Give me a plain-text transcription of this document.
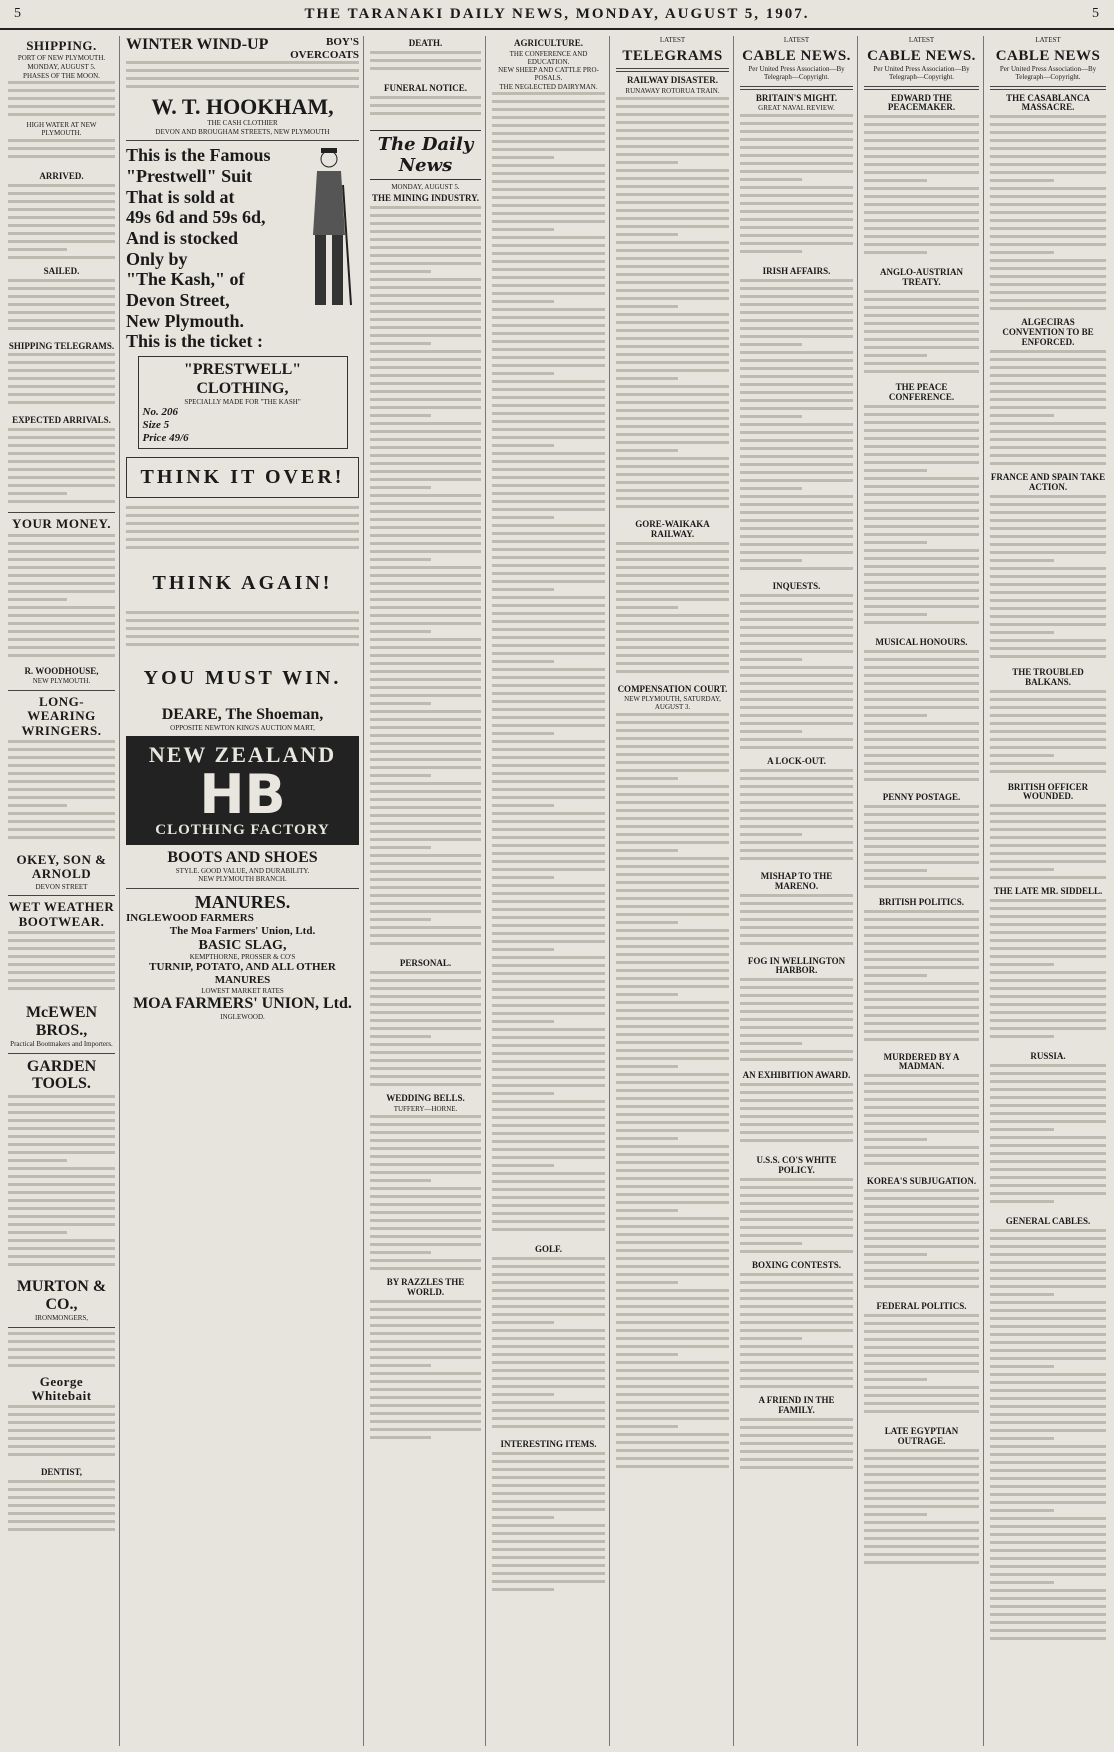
5	THE TARANAKI DAILY NEWS, MONDAY, AUGUST 5, 1907.	5
SHIPPING.
PORT OF NEW PLYMOUTH.
MONDAY, AUGUST 5.
PHASES OF THE MOON.
HIGH WATER AT NEW PLYMOUTH.
ARRIVED.
SAILED.
SHIPPING TELEGRAMS.
EXPECTED ARRIVALS.
YOUR MONEY.
R. WOODHOUSE,
NEW PLYMOUTH.
LONG-WEARING WRINGERS.
OKEY, SON & ARNOLD
DEVON STREET
WET WEATHER BOOTWEAR.
McEWEN BROS.,
Practical Bootmakers and Importers.
GARDEN TOOLS.
MURTON & CO.,
IRONMONGERS,
George Whitebait
DENTIST,
WINTER WIND-UP	BOY'S OVERCOATS
W. T. HOOKHAM,
THE CASH CLOTHIER
DEVON AND BROUGHAM STREETS, NEW PLYMOUTH
This is the Famous
"Prestwell" Suit
That is sold at
49s 6d and 59s 6d,
And is stocked
Only by
"The Kash," of
Devon Street,
New Plymouth.
This is the ticket :
"PRESTWELL" CLOTHING,
SPECIALLY MADE FOR "THE KASH"
No. 206
Size 5
Price 49/6
THINK IT OVER!
THINK AGAIN!
YOU MUST WIN.
DEARE, The Shoeman,
OPPOSITE NEWTON KING'S AUCTION MART,
NEW ZEALAND
HB
CLOTHING FACTORY
BOOTS AND SHOES
STYLE. GOOD VALUE, AND DURABILITY.
NEW PLYMOUTH BRANCH.
MANURES.
INGLEWOOD FARMERS
The Moa Farmers' Union, Ltd.
BASIC SLAG,
KEMPTHORNE, PROSSER & CO'S
TURNIP, POTATO, AND ALL OTHER MANURES
LOWEST MARKET RATES
MOA FARMERS' UNION, Ltd.
INGLEWOOD.
DEATH.
FUNERAL NOTICE.
The Daily News
MONDAY, AUGUST 5.
THE MINING INDUSTRY.
PERSONAL.
WEDDING BELLS.
TUFFERY—HORNE.
BY RAZZLES THE WORLD.
AGRICULTURE.
THE CONFERENCE AND EDUCATION.
NEW SHEEP AND CATTLE PRO-POSALS.
THE NEGLECTED DAIRYMAN.
GOLF.
INTERESTING ITEMS.
LATEST
TELEGRAMS
RAILWAY DISASTER.
RUNAWAY ROTORUA TRAIN.
GORE-WAIKAKA RAILWAY.
COMPENSATION COURT.
NEW PLYMOUTH, SATURDAY, AUGUST 3.
LATEST
CABLE NEWS.
Per United Press Association—By Telegraph—Copyright.
BRITAIN'S MIGHT.
GREAT NAVAL REVIEW.
IRISH AFFAIRS.
INQUESTS.
A LOCK-OUT.
MISHAP TO THE MARENO.
FOG IN WELLINGTON HARBOR.
AN EXHIBITION AWARD.
U.S.S. CO'S WHITE POLICY.
BOXING CONTESTS.
A FRIEND IN THE FAMILY.
LATEST
CABLE NEWS.
Per United Press Association—By Telegraph—Copyright.
EDWARD THE PEACEMAKER.
ANGLO-AUSTRIAN TREATY.
THE PEACE CONFERENCE.
MUSICAL HONOURS.
PENNY POSTAGE.
BRITISH POLITICS.
MURDERED BY A MADMAN.
KOREA'S SUBJUGATION.
FEDERAL POLITICS.
LATE EGYPTIAN OUTRAGE.
LATEST
CABLE NEWS
Per United Press Association—By Telegraph—Copyright.
THE CASABLANCA MASSACRE.
ALGECIRAS CONVENTION TO BE ENFORCED.
FRANCE AND SPAIN TAKE ACTION.
THE TROUBLED BALKANS.
BRITISH OFFICER WOUNDED.
THE LATE MR. SIDDELL.
RUSSIA.
GENERAL CABLES.
